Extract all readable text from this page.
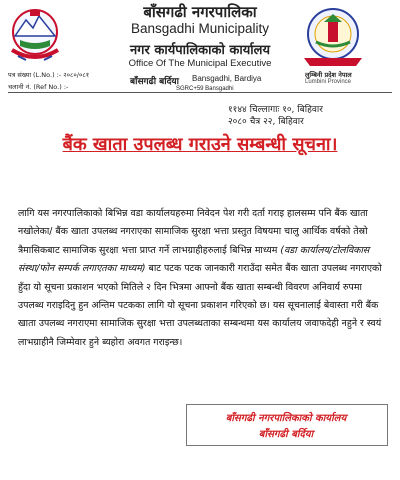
बाँसगढी नगरपालिका
Bansgadhi Municipality
नगर कार्यपालिकाको कार्यालय
Office Of The Municipal Executive
पत्र संख्या (L.No.) :- २०८०/०८१
चलानी नं. (Ref No.) :-	बाँसगढी बर्दिया Bansgadhi, Bardiya
SGRC+59 Bansgadhi
लुम्बिनी प्रदेश नेपाल
Lumbini Province
११४४ चिल्लागाः १०, बिहिवार
२०८० चैत्र २२, बिहिवार
बैंक खाता उपलब्ध गराउने सम्बन्धी सूचना।
लागि यस नगरपालिकाको बिभिन्न वडा कार्यालयहरुमा निवेदन पेश गरी दर्ता गराइ हालसम्म पनि बैंक खाता नखोलेका/ बैंक खाता उपलब्ध नगराएका सामाजिक सुरक्षा भत्ता प्रस्तुत विषयमा चालु आर्थिक वर्षको तेस्रो त्रैमासिकबाट सामाजिक सुरक्षा भत्ता प्राप्त गर्ने लाभग्राहीहरुलाई बिभिन्न माध्यम (वडा कार्यालय/टोलविकास संस्था/फोन सम्पर्क लगाएतका माध्यम) बाट पटक पटक जानकारी गराउँदा समेत बैंक खाता उपलब्ध नगराएको हुँदा यो सूचना प्रकाशन भएको मितिले २ दिन भित्रमा आफ्नो बैंक खाता सम्बन्धी विवरण अनिवार्य रुपमा उपलब्ध गराइदिनु हुन अन्तिम पटकका लागि यो सूचना प्रकाशन गरिएको छ। यस सूचनालाई बेवास्ता गरी बैंक खाता उपलब्ध नगराएमा सामाजिक सुरक्षा भत्ता उपलब्धताका सम्बन्धमा यस कार्यालय जवाफदेही नहुने र स्वयं लाभग्राहीनै जिम्मेवार हुने ब्यहोरा अवगत गराइन्छ।
बाँसगढी नगरपालिकाको कार्यालय
बाँसगढी बर्दिया
